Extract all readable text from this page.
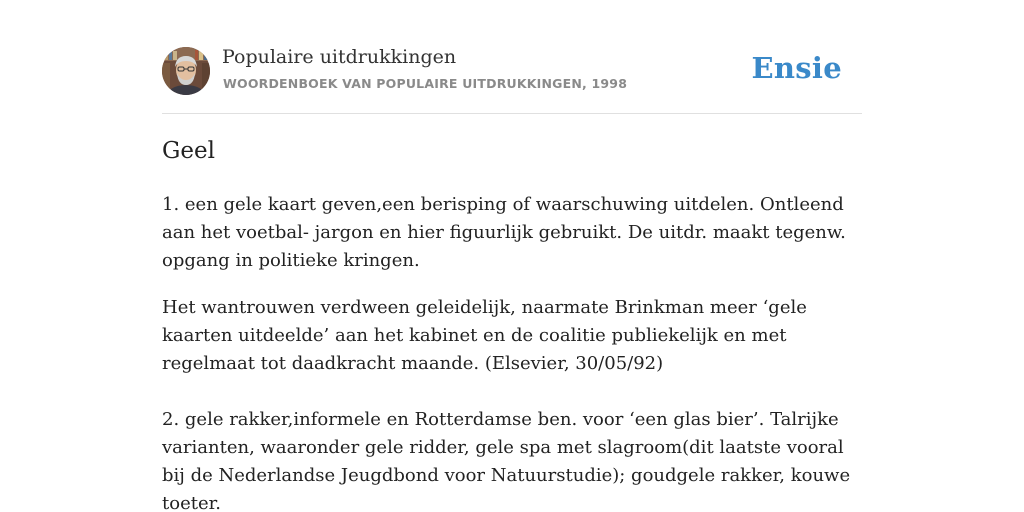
Populaire uitdrukkingen
WOORDENBOEK VAN POPULAIRE UITDRUKKINGEN, 1998	Ensie
Geel

1. een gele kaart geven,een berisping of waarschuwing uitdelen. Ontleend aan het voetbal- jargon en hier figuurlijk gebruikt. De uitdr. maakt tegenw. opgang in politieke kringen.

Het wantrouwen verdween geleidelijk, naarmate Brinkman meer ‘gele kaarten uitdeelde’ aan het kabinet en de coalitie publiekelijk en met regelmaat tot daadkracht maande. (Elsevier, 30/05/92)

2. gele rakker,informele en Rotterdamse ben. voor ‘een glas bier’. Talrijke varianten, waaronder gele ridder, gele spa met slagroom(dit laatste vooral bij de Nederlandse Jeugdbond voor Natuurstudie); goudgele rakker, kouwe toeter.
